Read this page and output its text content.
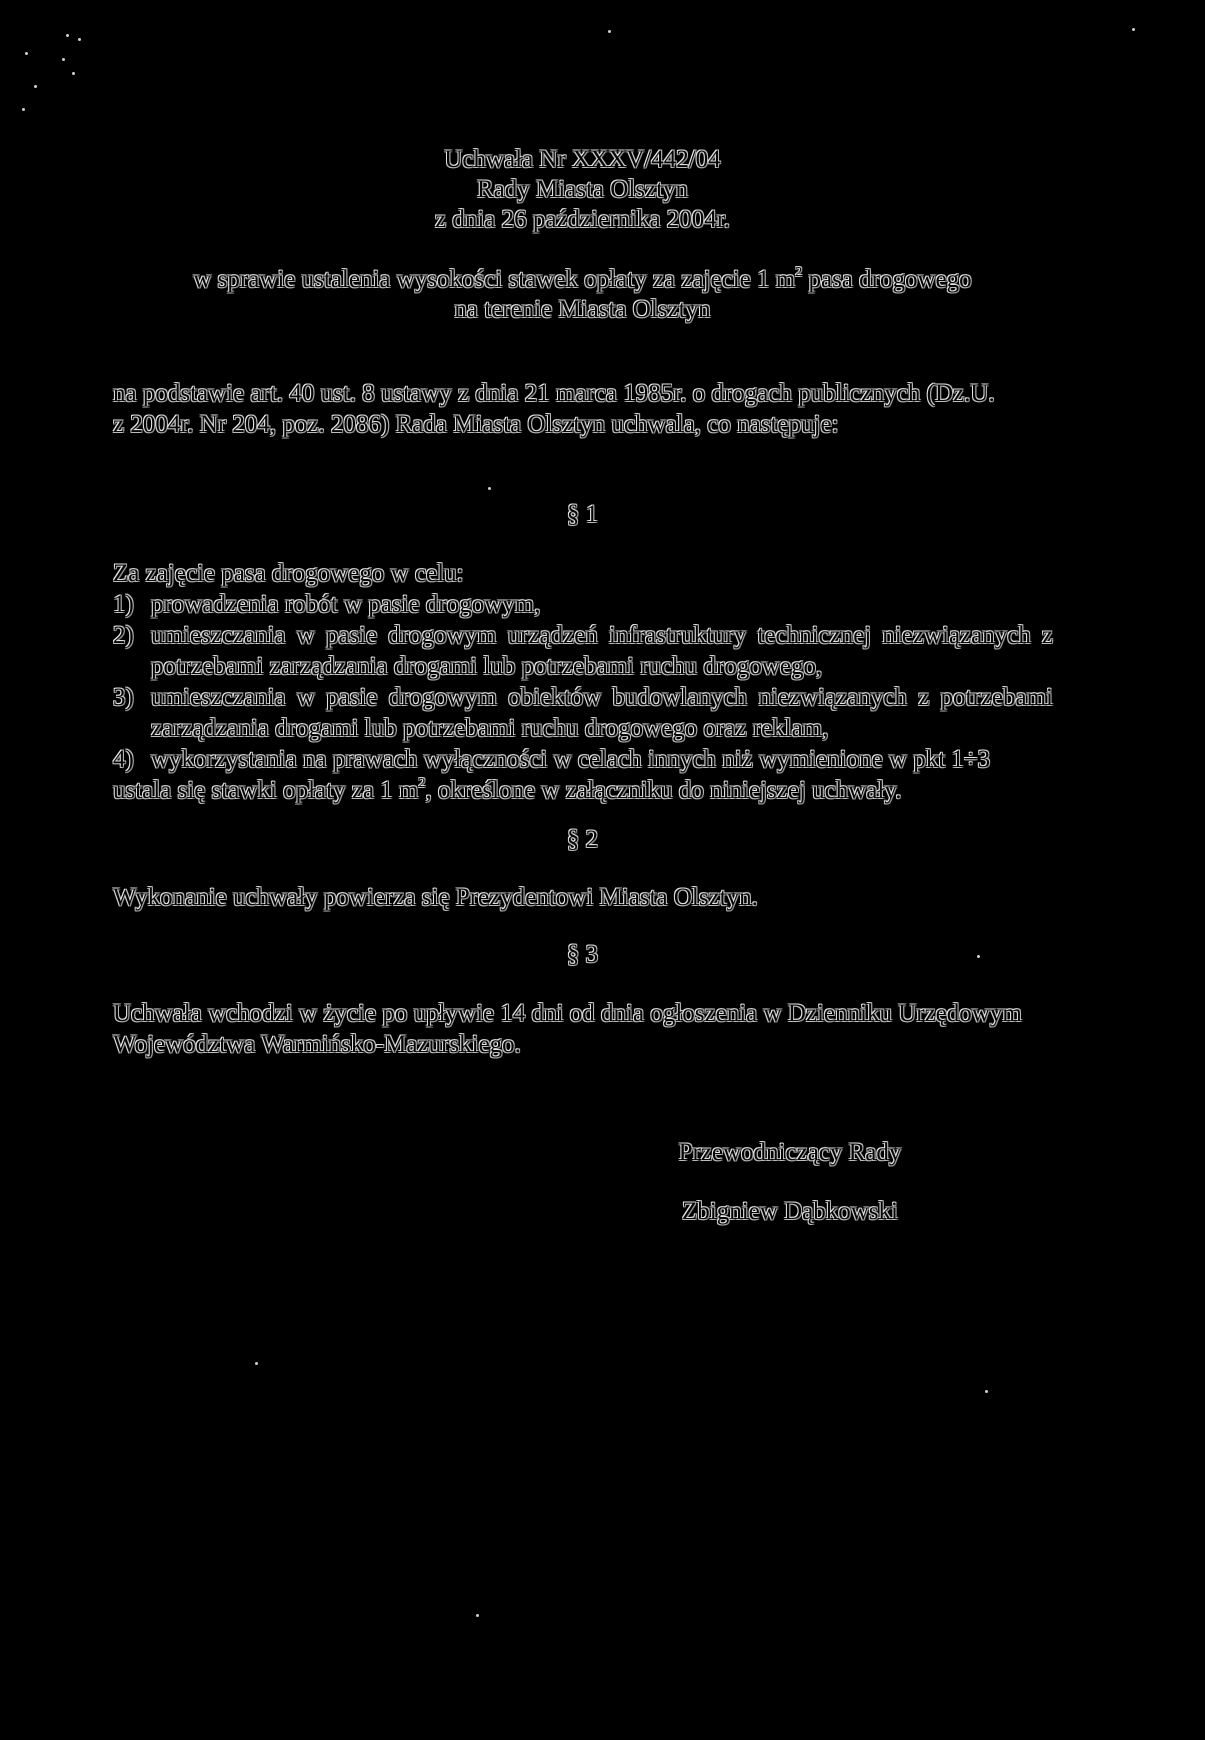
Uchwała Nr XXXV/442/04
Rady Miasta Olsztyn
z dnia 26 października 2004r.
w sprawie ustalenia wysokości stawek opłaty za zajęcie 1 $m^2$ pasa drogowego
na terenie Miasta Olsztyn
na podstawie art. 40 ust. 8 ustawy z dnia 21 marca 1985r. o drogach publicznych (Dz.U.
z 2004r. Nr 204, poz. 2086) Rada Miasta Olsztyn uchwala, co następuje:
§ 1
Za zajęcie pasa drogowego w celu:
1) prowadzenia robót w pasie drogowym,
2) umieszczania w pasie drogowym urządzeń infrastruktury technicznej niezwiązanych z potrzebami zarządzania drogami lub potrzebami ruchu drogowego,
3) umieszczania w pasie drogowym obiektów budowlanych niezwiązanych z potrzebami zarządzania drogami lub potrzebami ruchu drogowego oraz reklam,
4) wykorzystania na prawach wyłączności w celach innych niż wymienione w pkt 1÷3
ustala się stawki opłaty za 1 $m^2$, określone w załączniku do niniejszej uchwały.
§ 2
Wykonanie uchwały powierza się Prezydentowi Miasta Olsztyn.
§ 3
Uchwała wchodzi w życie po upływie 14 dni od dnia ogłoszenia w Dzienniku Urzędowym
Województwa Warmińsko-Mazurskiego.
Przewodniczący Rady
Zbigniew Dąbkowski
